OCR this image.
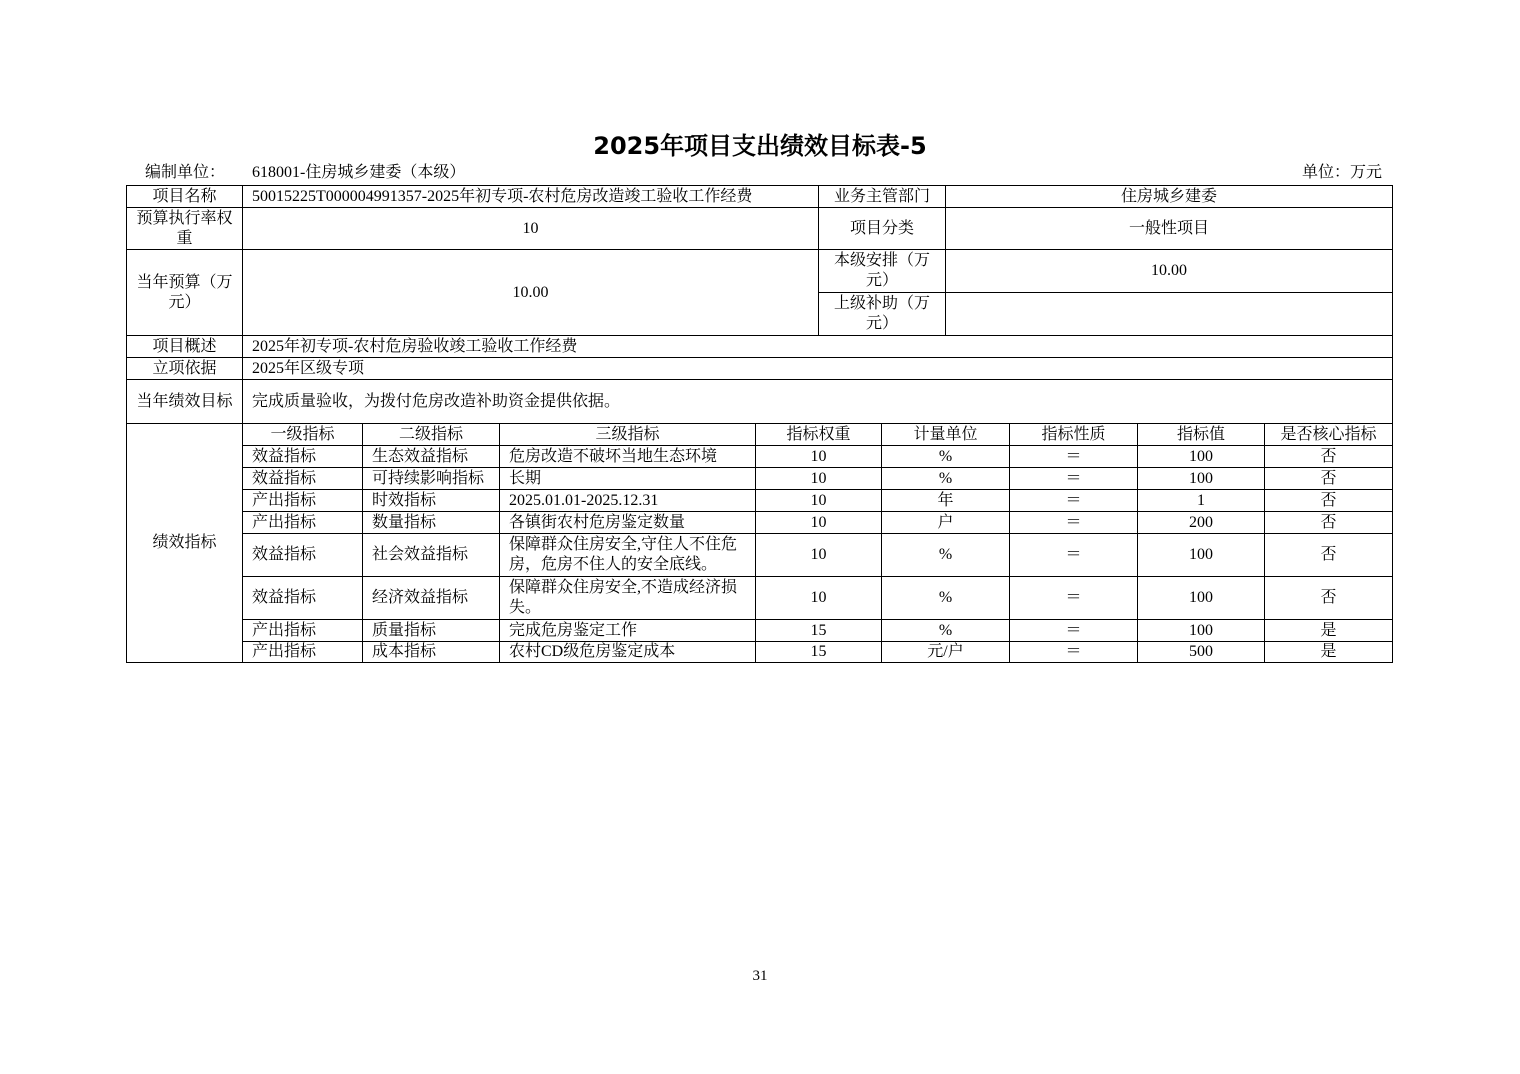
2025年项目支出绩效目标表-5
编制单位： 618001-住房城乡建委（本级）	单位：万元
项目名称	50015225T000004991357-2025年初专项-农村危房改造竣工验收工作经费				业务主管部门		住房城乡建委			
预算执行率权重	10				项目分类		一般性项目			
当年预算（万元）	10.00				本级安排（万元）		10.00			
					上级补助（万元）					
项目概述	2025年初专项-农村危房验收竣工验收工作经费									
立项依据	2025年区级专项									
当年绩效目标	完成质量验收，为拨付危房改造补助资金提供依据。									
绩效指标	一级指标	二级指标	三级指标	指标权重		计量单位		指标性质	指标值	是否核心指标
	效益指标	生态效益指标	危房改造不破坏当地生态环境	10		%		＝	100	否
	效益指标	可持续影响指标	长期	10		%		＝	100	否
	产出指标	时效指标	2025.01.01-2025.12.31	10		年		＝	1	否
	产出指标	数量指标	各镇街农村危房鉴定数量	10		户		＝	200	否
	效益指标	社会效益指标	保障群众住房安全,守住人不住危房，危房不住人的安全底线。	10		%		＝	100	否
	效益指标	经济效益指标	保障群众住房安全,不造成经济损失。	10		%		＝	100	否
	产出指标	质量指标	完成危房鉴定工作	15		%		＝	100	是
	产出指标	成本指标	农村CD级危房鉴定成本	15		元/户		＝	500	是
31
